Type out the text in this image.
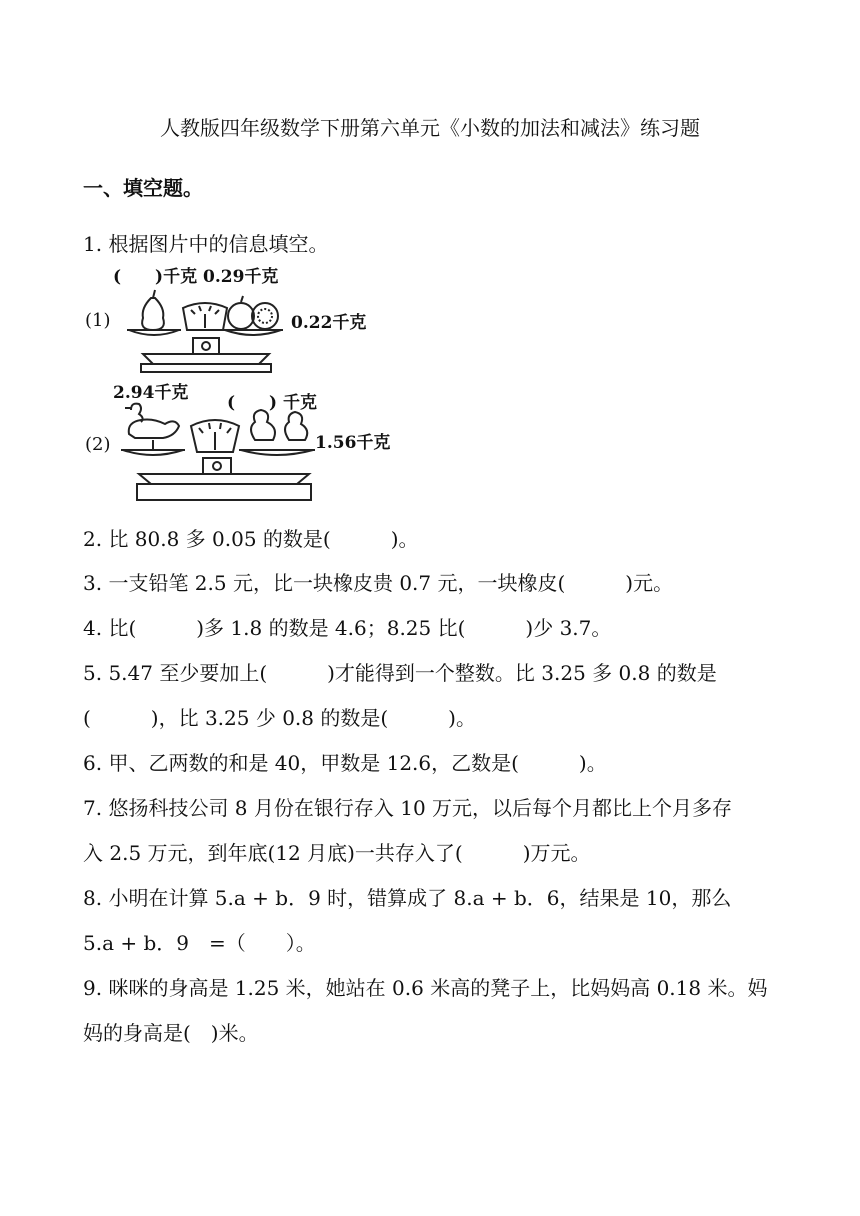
人教版四年级数学下册第六单元《小数的加法和减法》练习题
一、填空题。
1. 根据图片中的信息填空。
(　　)千克 0.29千克
(1)	0.22千克
2.94千克 (　　) 千克
(2)	1.56千克
2. 比 80.8 多 0.05 的数是(　　　)。
3. 一支铅笔 2.5 元，比一块橡皮贵 0.7 元，一块橡皮(　　　)元。
4. 比(　　　)多 1.8 的数是 4.6；8.25 比(　　　)少 3.7。
5. 5.47 至少要加上(　　　)才能得到一个整数。比 3.25 多 0.8 的数是
(　　　)，比 3.25 少 0.8 的数是(　　　)。
6. 甲、乙两数的和是 40，甲数是 12.6，乙数是(　　　)。
7. 悠扬科技公司 8 月份在银行存入 10 万元，以后每个月都比上个月多存
入 2.5 万元，到年底(12 月底)一共存入了(　　　)万元。
8. 小明在计算 5.a + b．9 时，错算成了 8.a + b．6，结果是 10，那么
5.a + b．9　=（　　）。
9. 咪咪的身高是 1.25 米，她站在 0.6 米高的凳子上，比妈妈高 0.18 米。妈
妈的身高是(　)米。
